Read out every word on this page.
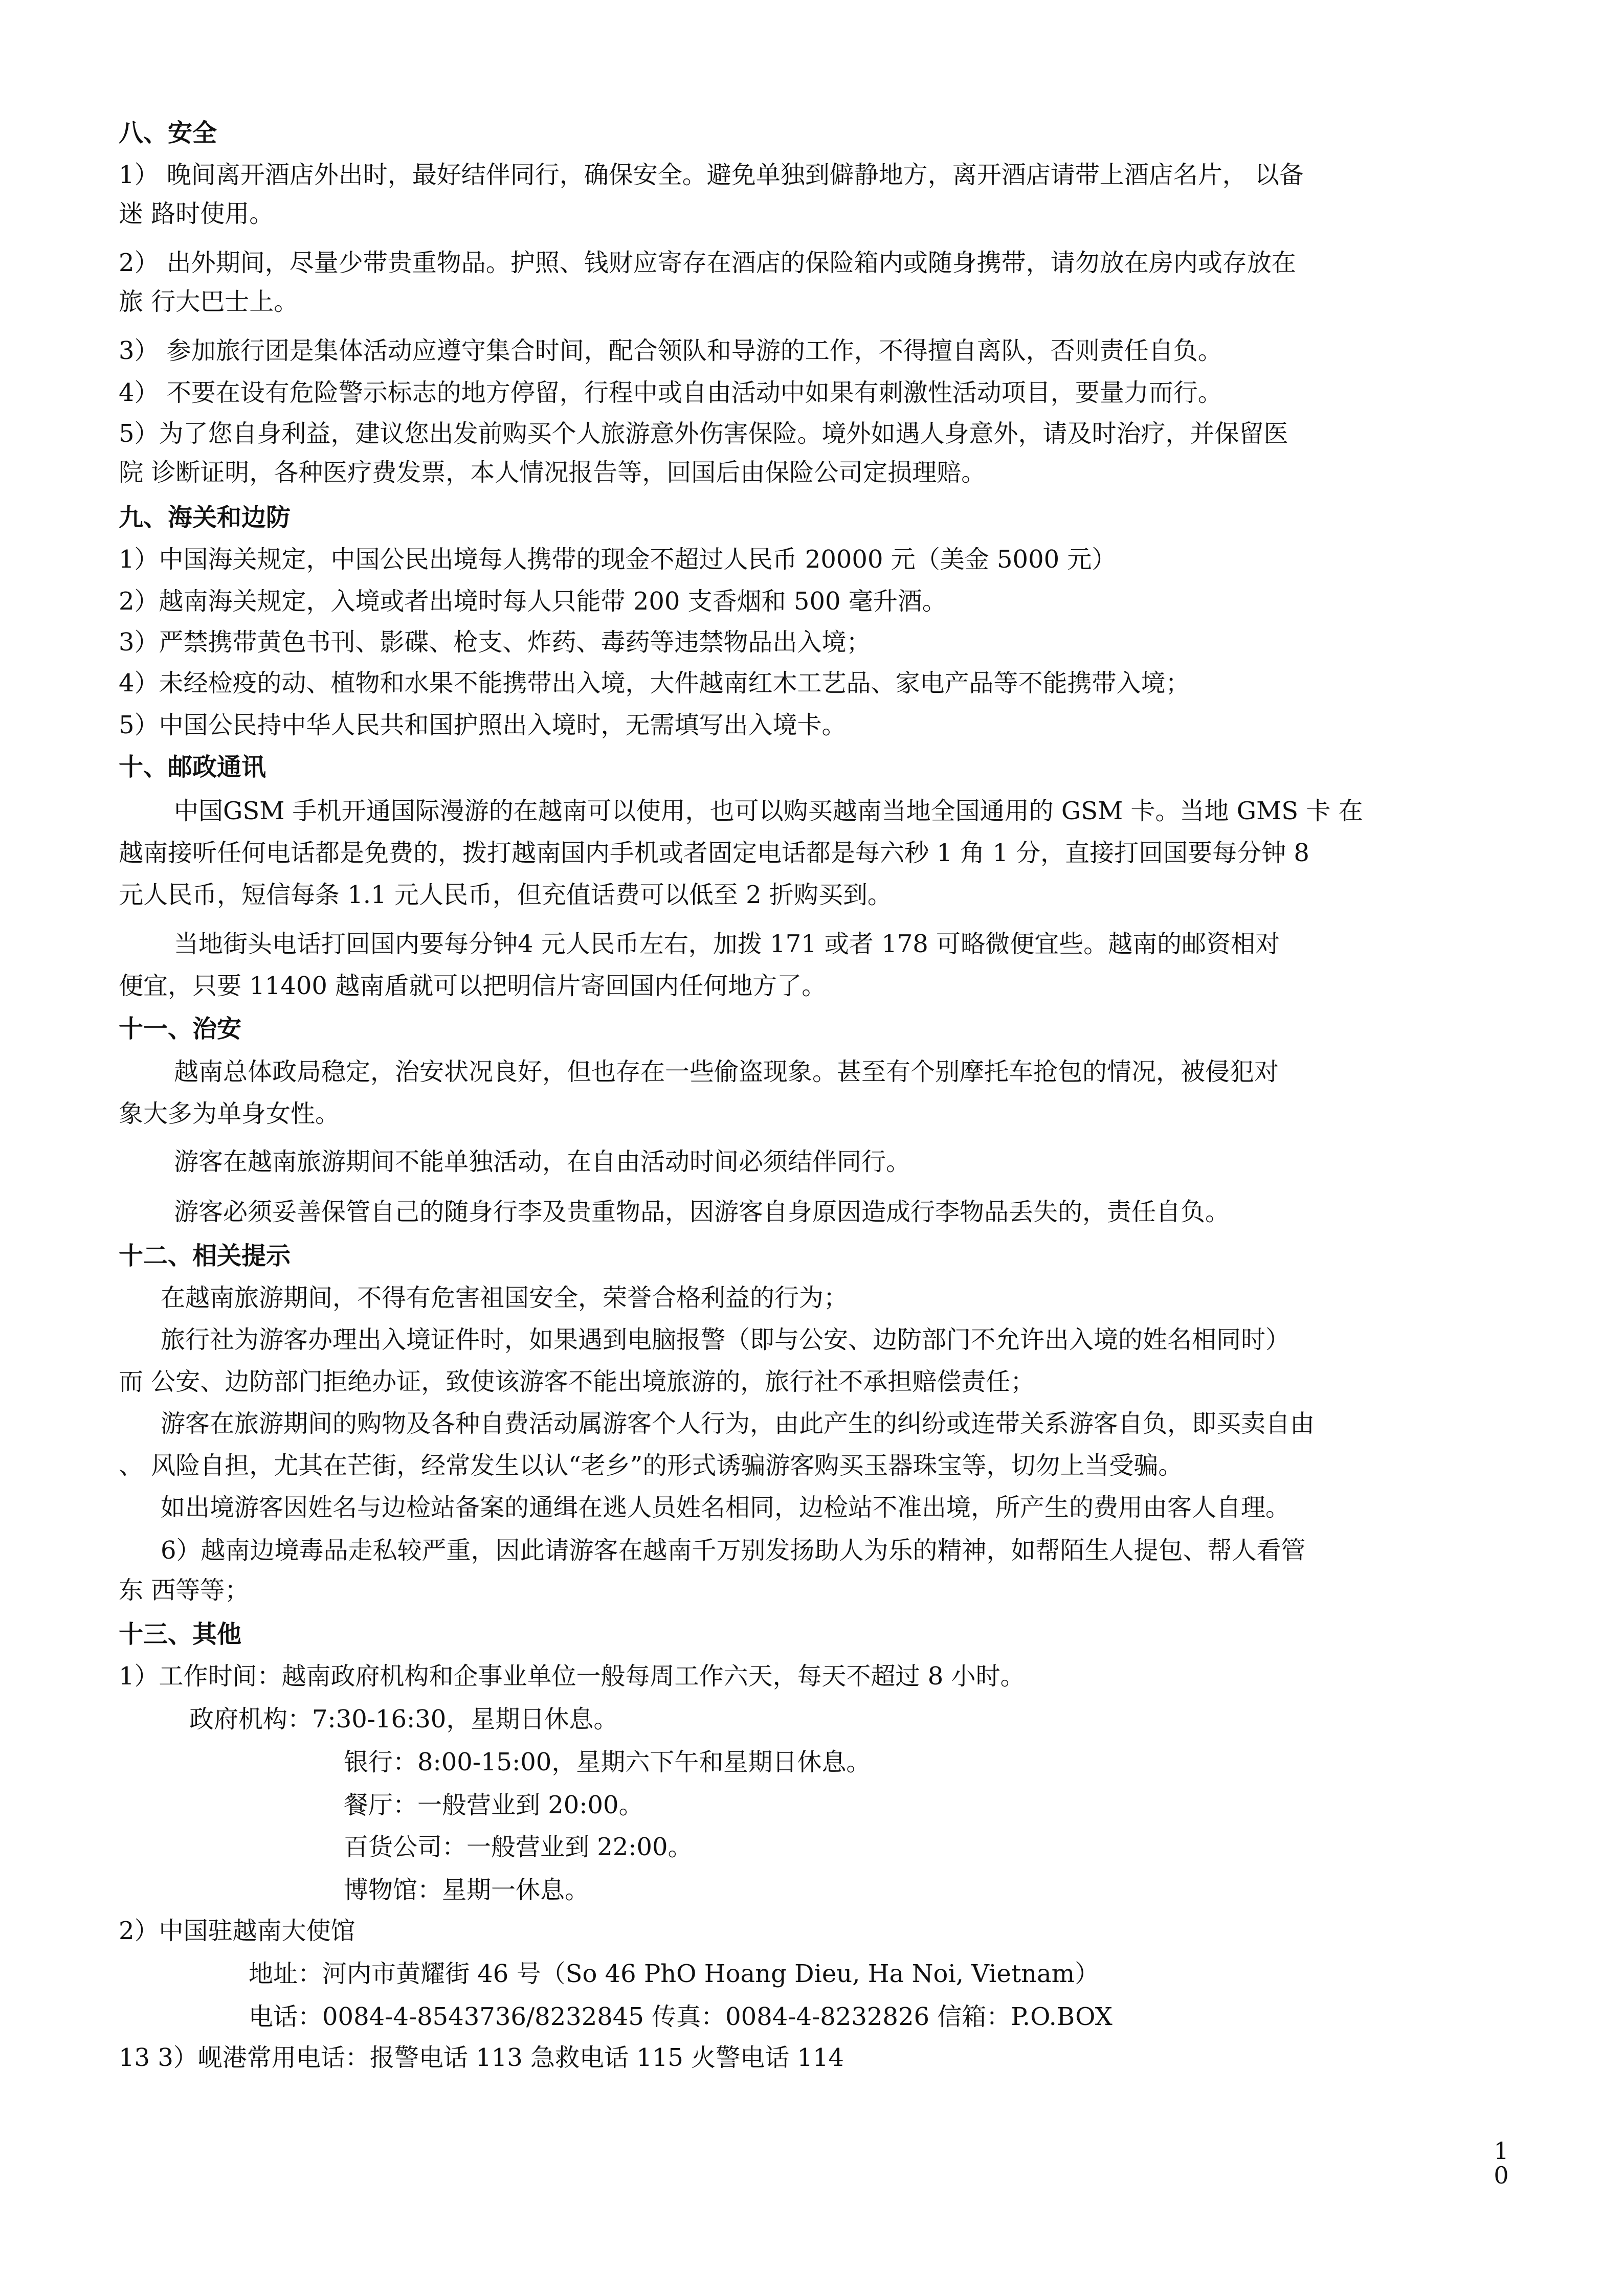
八、安全

1） 晚间离开酒店外出时，最好结伴同行，确保安全。避免单独到僻静地方，离开酒店请带上酒店名片， 以备

迷 路时使用。

2） 出外期间，尽量少带贵重物品。护照、钱财应寄存在酒店的保险箱内或随身携带，请勿放在房内或存放在

旅 行大巴士上。

3） 参加旅行团是集体活动应遵守集合时间，配合领队和导游的工作，不得擅自离队，否则责任自负。

4） 不要在设有危险警示标志的地方停留，行程中或自由活动中如果有刺激性活动项目，要量力而行。

5）为了您自身利益，建议您出发前购买个人旅游意外伤害保险。境外如遇人身意外，请及时治疗，并保留医

院 诊断证明，各种医疗费发票，本人情况报告等，回国后由保险公司定损理赔。

九、海关和边防

1）中国海关规定，中国公民出境每人携带的现金不超过人民币 20000 元（美金 5000 元）

2）越南海关规定，入境或者出境时每人只能带 200 支香烟和 500 毫升酒。

3）严禁携带黄色书刊、影碟、枪支、炸药、毒药等违禁物品出入境；

4）未经检疫的动、植物和水果不能携带出入境，大件越南红木工艺品、家电产品等不能携带入境；

5）中国公民持中华人民共和国护照出入境时，无需填写出入境卡。

十、邮政通讯

中国GSM 手机开通国际漫游的在越南可以使用，也可以购买越南当地全国通用的 GSM 卡。当地 GMS 卡 在

越南接听任何电话都是免费的，拨打越南国内手机或者固定电话都是每六秒 1 角 1 分，直接打回国要每分钟 8

元人民币，短信每条 1.1 元人民币，但充值话费可以低至 2 折购买到。

当地街头电话打回国内要每分钟4 元人民币左右，加拨 171 或者 178 可略微便宜些。越南的邮资相对

便宜，只要 11400 越南盾就可以把明信片寄回国内任何地方了。

十一、治安

越南总体政局稳定，治安状况良好，但也存在一些偷盗现象。甚至有个别摩托车抢包的情况，被侵犯对

象大多为单身女性。

游客在越南旅游期间不能单独活动，在自由活动时间必须结伴同行。

游客必须妥善保管自己的随身行李及贵重物品，因游客自身原因造成行李物品丢失的，责任自负。

十二、相关提示

在越南旅游期间，不得有危害祖国安全，荣誉合格利益的行为；

旅行社为游客办理出入境证件时，如果遇到电脑报警（即与公安、边防部门不允许出入境的姓名相同时）

而 公安、边防部门拒绝办证，致使该游客不能出境旅游的，旅行社不承担赔偿责任；

游客在旅游期间的购物及各种自费活动属游客个人行为，由此产生的纠纷或连带关系游客自负，即买卖自由

、 风险自担，尤其在芒街，经常发生以认“老乡”的形式诱骗游客购买玉器珠宝等，切勿上当受骗。

如出境游客因姓名与边检站备案的通缉在逃人员姓名相同，边检站不准出境，所产生的费用由客人自理。

6）越南边境毒品走私较严重，因此请游客在越南千万别发扬助人为乐的精神，如帮陌生人提包、帮人看管

东 西等等；

十三、其他

1）工作时间：越南政府机构和企事业单位一般每周工作六天，每天不超过 8 小时。

政府机构：7:30-16:30，星期日休息。

银行：8:00-15:00，星期六下午和星期日休息。

餐厅：一般营业到 20:00。

百货公司：一般营业到 22:00。

博物馆：星期一休息。

2）中国驻越南大使馆

地址：河内市黄耀街 46 号（So 46 PhO Hoang Dieu, Ha Noi, Vietnam）

电话：0084-4-8543736/8232845 传真：0084-4-8232826 信箱：P.O.BOX

13 3）岘港常用电话：报警电话 113 急救电话 115 火警电话 114

1

0
